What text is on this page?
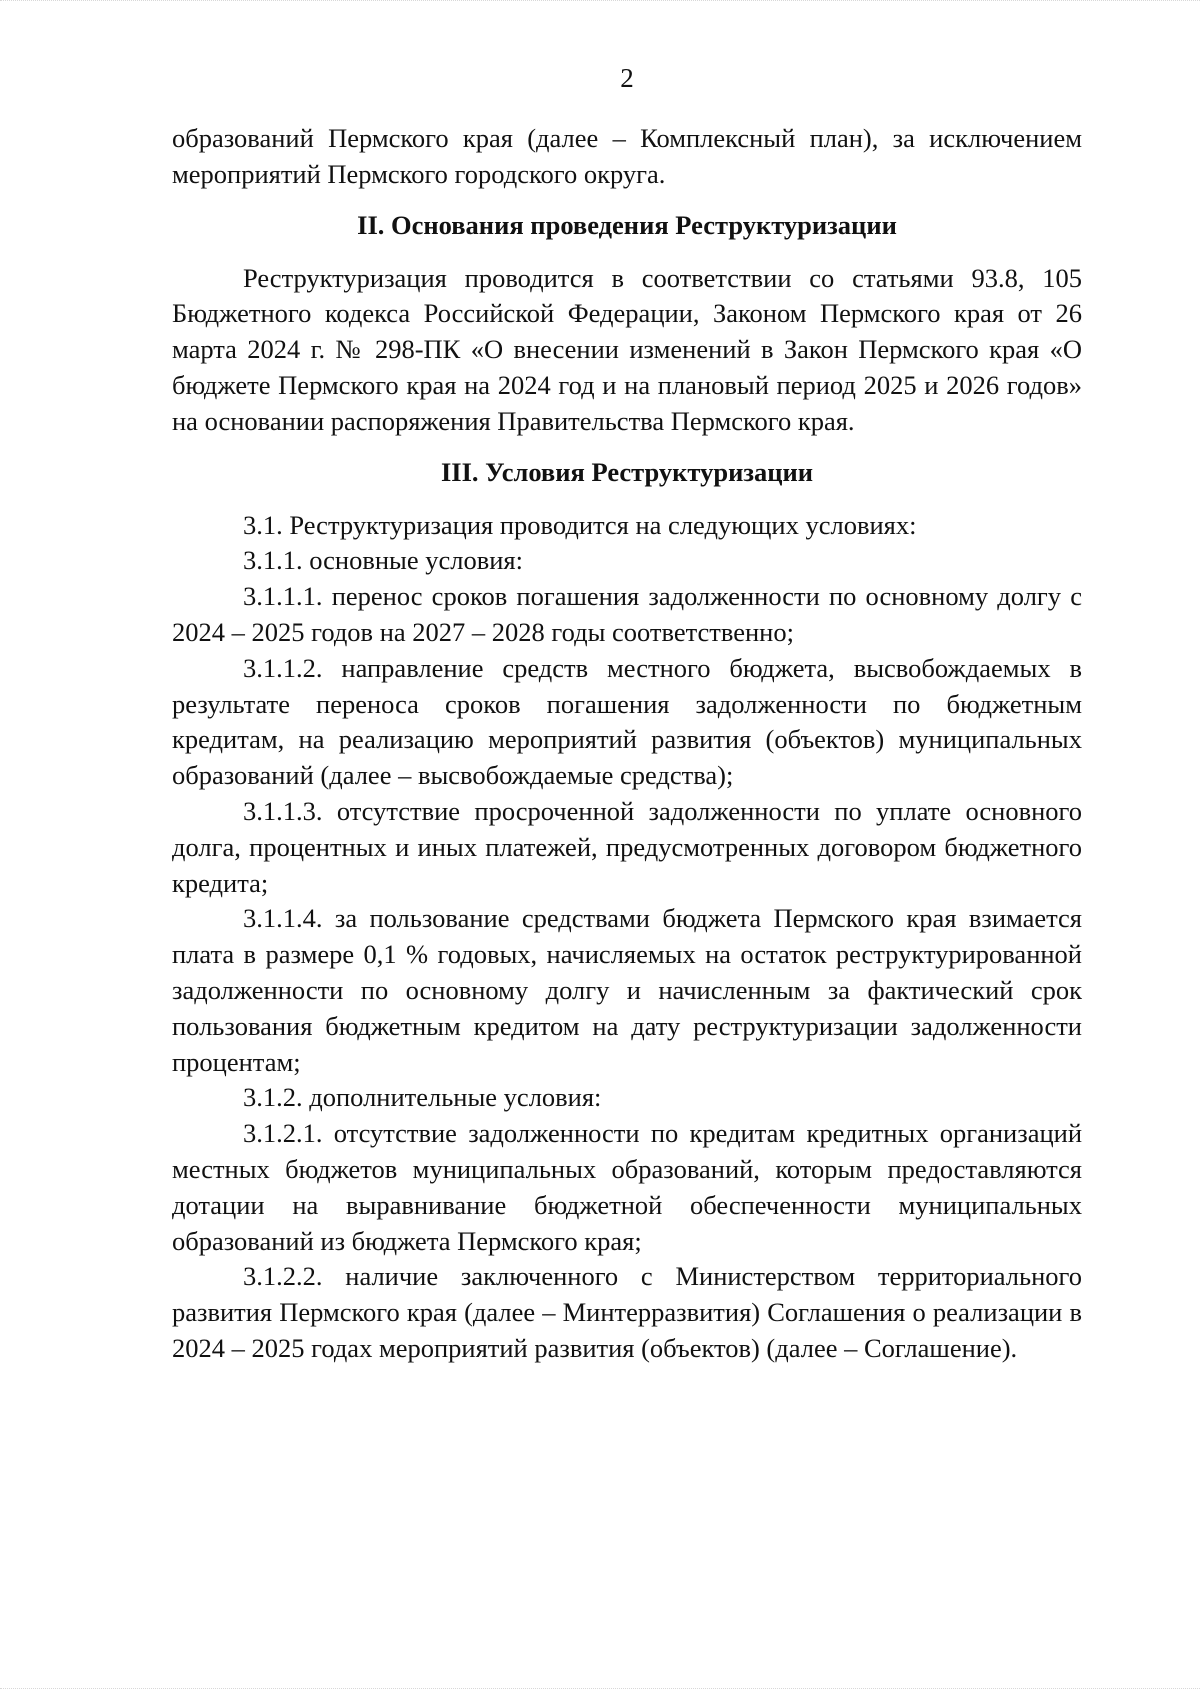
2

образований Пермского края (далее – Комплексный план), за исключением мероприятий Пермского городского округа.

II. Основания проведения Реструктуризации

Реструктуризация проводится в соответствии со статьями 93.8, 105 Бюджетного кодекса Российской Федерации, Законом Пермского края от 26 марта 2024 г. № 298-ПК «О внесении изменений в Закон Пермского края «О бюджете Пермского края на 2024 год и на плановый период 2025 и 2026 годов» на основании распоряжения Правительства Пермского края.

III. Условия Реструктуризации

3.1. Реструктуризация проводится на следующих условиях:

3.1.1. основные условия:

3.1.1.1. перенос сроков погашения задолженности по основному долгу с 2024 – 2025 годов на 2027 – 2028 годы соответственно;

3.1.1.2. направление средств местного бюджета, высвобождаемых в результате переноса сроков погашения задолженности по бюджетным кредитам, на реализацию мероприятий развития (объектов) муниципальных образований (далее – высвобождаемые средства);

3.1.1.3. отсутствие просроченной задолженности по уплате основного долга, процентных и иных платежей, предусмотренных договором бюджетного кредита;

3.1.1.4. за пользование средствами бюджета Пермского края взимается плата в размере 0,1 % годовых, начисляемых на остаток реструктурированной задолженности по основному долгу и начисленным за фактический срок пользования бюджетным кредитом на дату реструктуризации задолженности процентам;

3.1.2. дополнительные условия:

3.1.2.1. отсутствие задолженности по кредитам кредитных организаций местных бюджетов муниципальных образований, которым предоставляются дотации на выравнивание бюджетной обеспеченности муниципальных образований из бюджета Пермского края;

3.1.2.2. наличие заключенного с Министерством территориального развития Пермского края (далее – Минтерразвития) Соглашения о реализации в 2024 – 2025 годах мероприятий развития (объектов) (далее – Соглашение).
